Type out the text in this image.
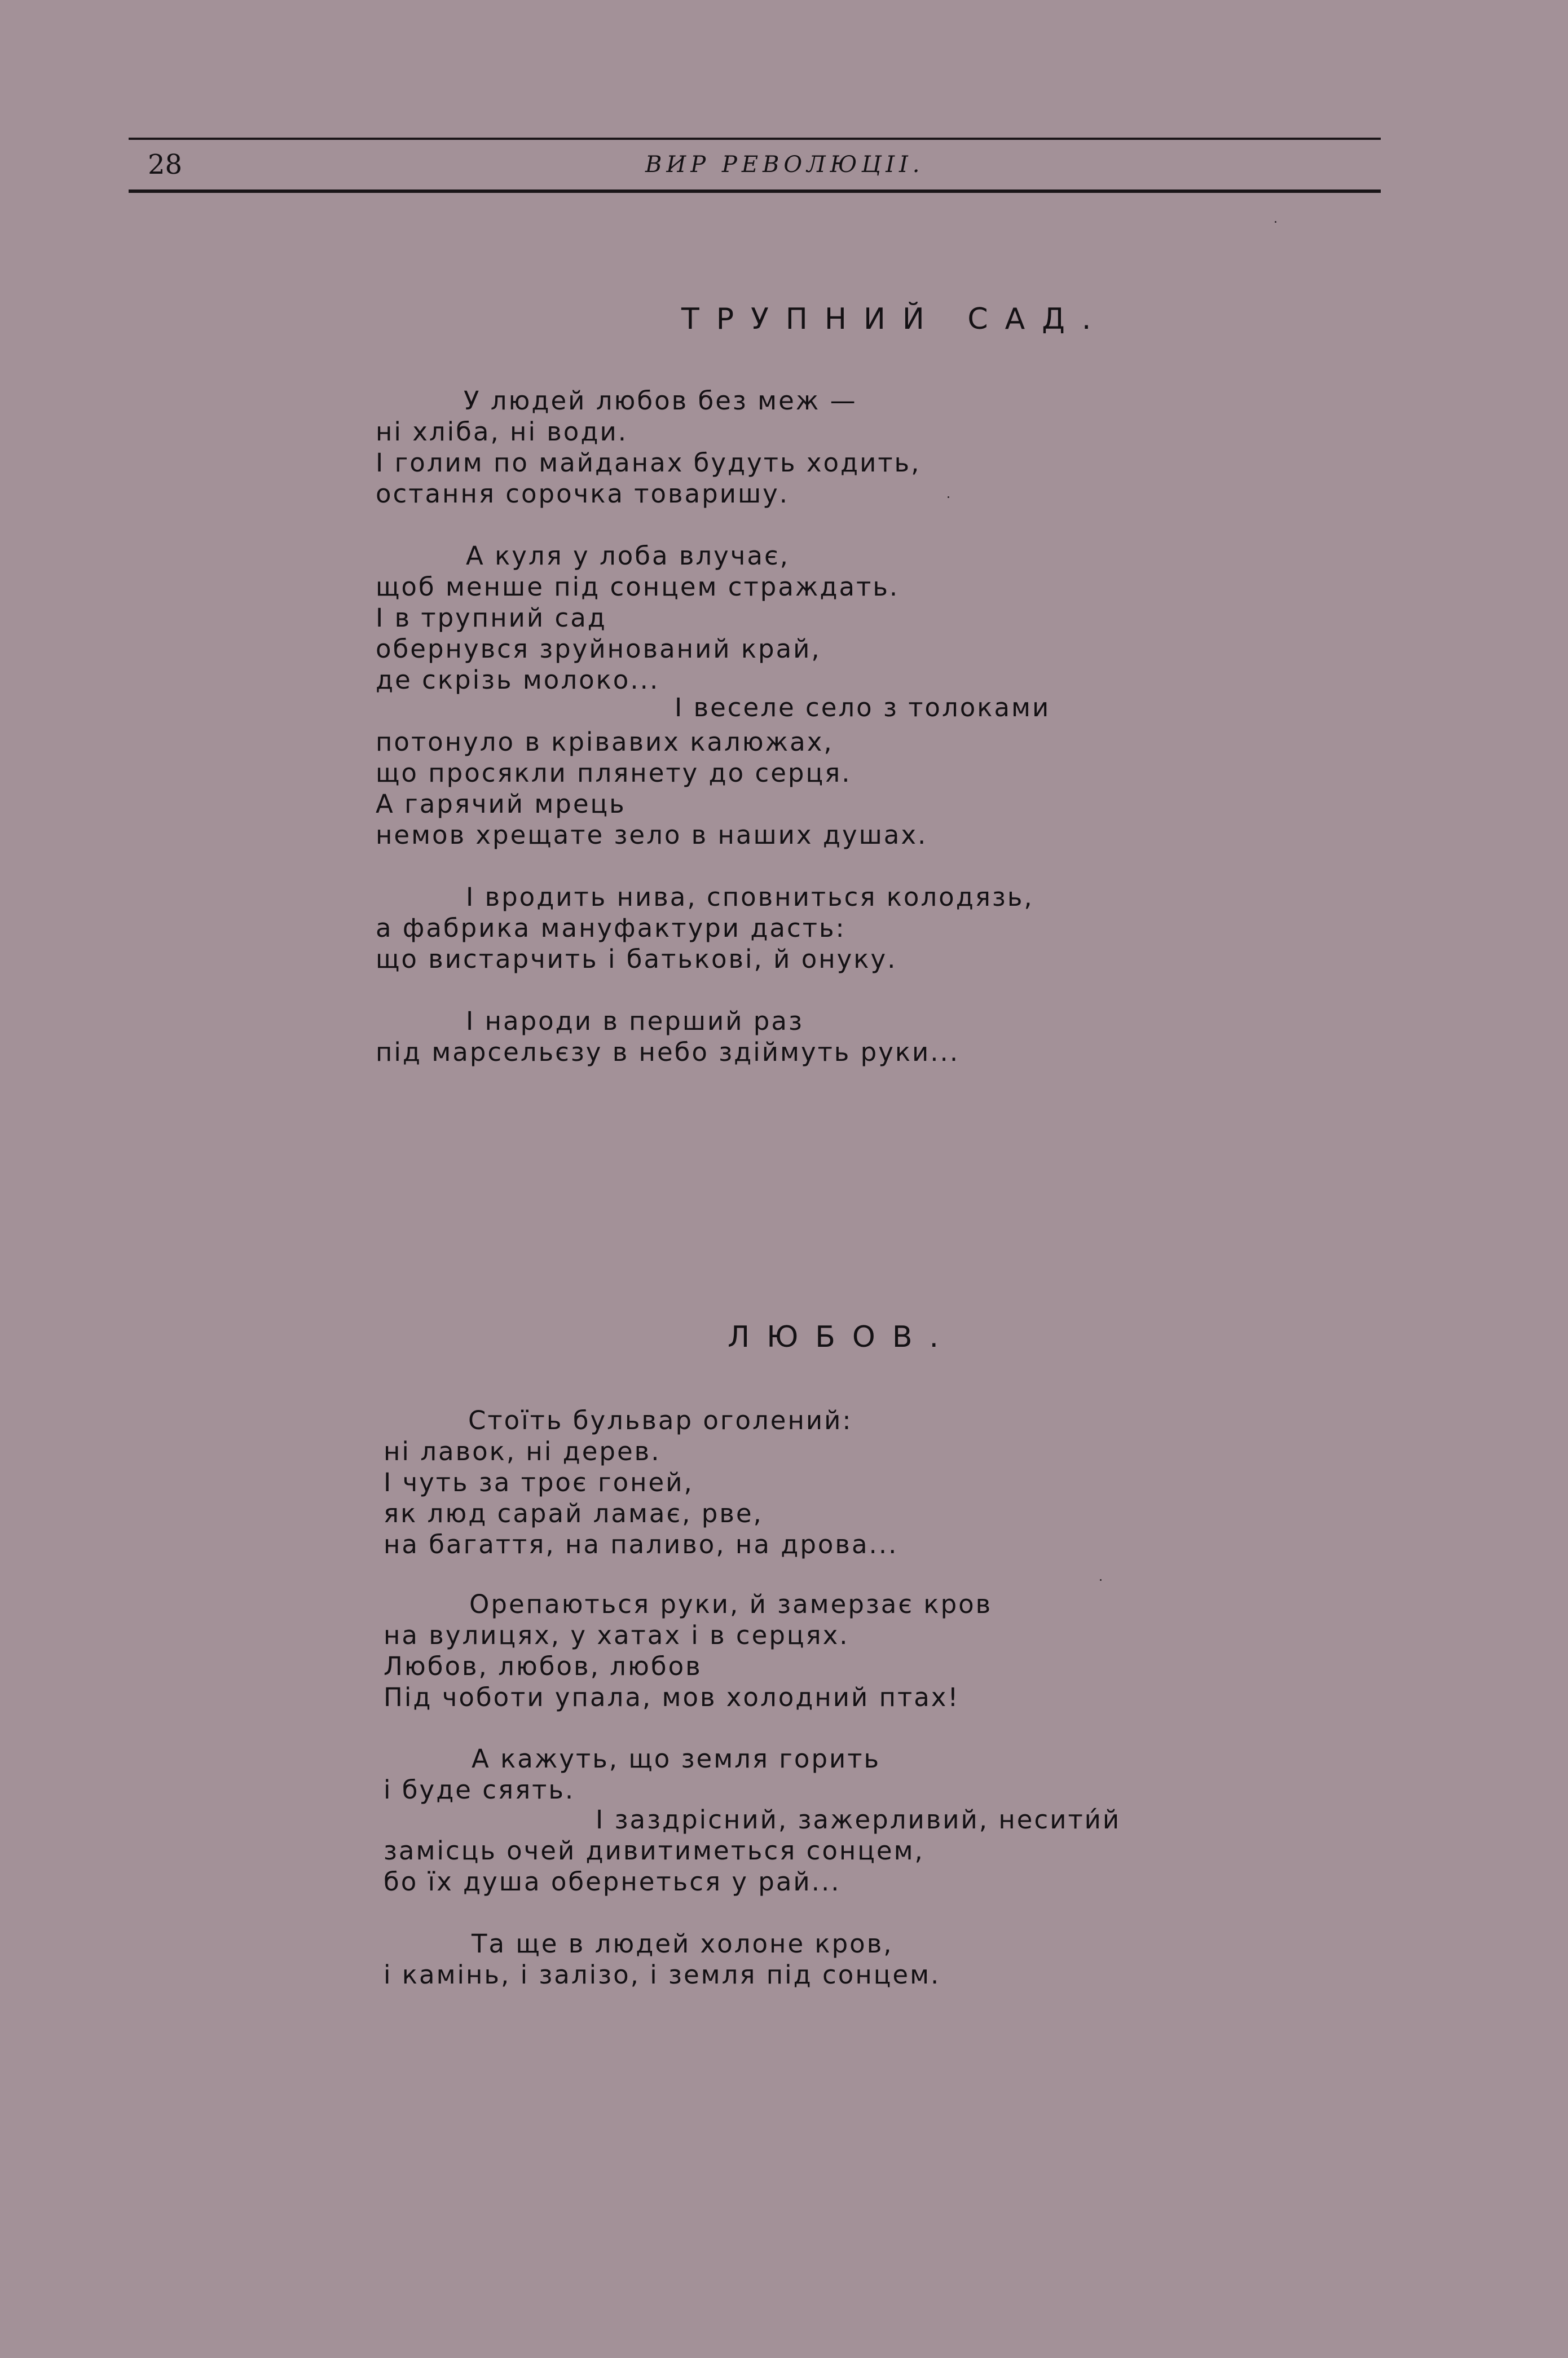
28	ВИР РЕВОЛЮЦІІ.
ТРУПНИЙ САД.
У людей любов без меж —
ні хліба, ні води.
І голим по майданах будуть ходить,
остання сорочка товаришу.
А куля у лоба влучає,
щоб менше під сонцем страждать.
І в трупний сад
обернувся зруйнований край,
де скрізь молоко...
І веселе село з толоками
потонуло в крівавих калюжах,
що просякли плянету до серця.
А гарячий мрець
немов хрещате зело в наших душах.
І вродить нива, сповниться колодязь,
а фабрика мануфактури дасть:
що вистарчить і батькові, й онуку.
І народи в перший раз
під марсельєзу в небо здіймуть руки...
ЛЮБОВ.
Стоїть бульвар оголений:
ні лавок, ні дерев.
І чуть за троє гоней,
як люд сарай ламає, рве,
на багаття, на паливо, на дрова...
Орепаються руки, й замерзає кров
на вулицях, у хатах і в серцях.
Любов, любов, любов
Під чоботи упала, мов холодний птах!
А кажуть, що земля горить
і буде сяять.
І заздрісний, зажерливий, несити́й
замісць очей дивитиметься сонцем,
бо їх душа обернеться у рай...
Та ще в людей холоне кров,
і камінь, і залізо, і земля під сонцем.
